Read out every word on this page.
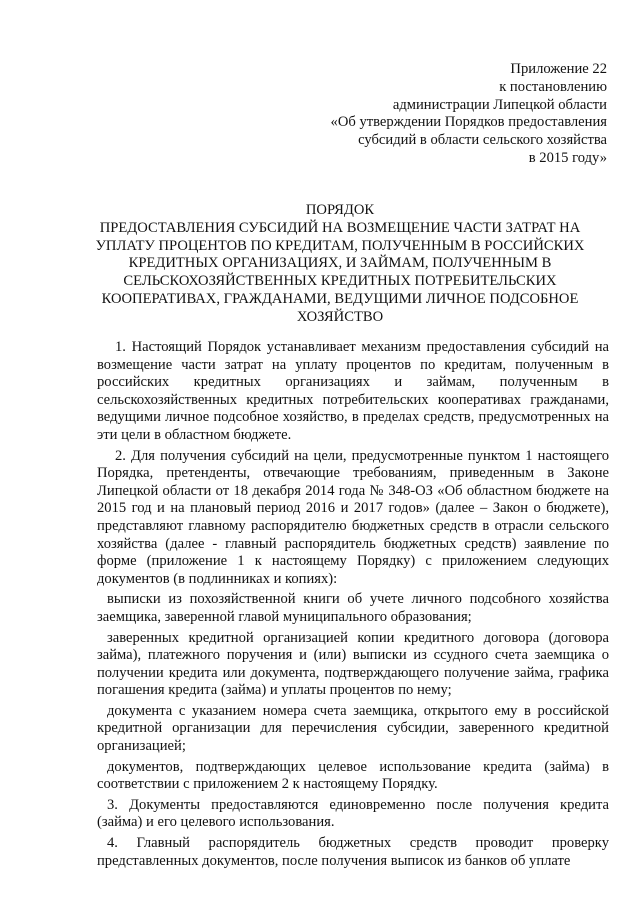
Приложение 22
к постановлению
администрации Липецкой области
«Об утверждении Порядков предоставления
субсидий в области сельского хозяйства
в 2015 году»
ПОРЯДОК
ПРЕДОСТАВЛЕНИЯ СУБСИДИЙ НА ВОЗМЕЩЕНИЕ ЧАСТИ ЗАТРАТ НА
УПЛАТУ ПРОЦЕНТОВ ПО КРЕДИТАМ, ПОЛУЧЕННЫМ В РОССИЙСКИХ
КРЕДИТНЫХ ОРГАНИЗАЦИЯХ, И ЗАЙМАМ, ПОЛУЧЕННЫМ В
СЕЛЬСКОХОЗЯЙСТВЕННЫХ КРЕДИТНЫХ ПОТРЕБИТЕЛЬСКИХ
КООПЕРАТИВАХ, ГРАЖДАНАМИ, ВЕДУЩИМИ ЛИЧНОЕ ПОДСОБНОЕ
ХОЗЯЙСТВО

1. Настоящий Порядок устанавливает механизм предоставления субсидий на возмещение части затрат на уплату процентов по кредитам, полученным в российских кредитных организациях и займам, полученным в сельскохозяйственных кредитных потребительских кооперативах гражданами, ведущими личное подсобное хозяйство, в пределах средств, предусмотренных на эти цели в областном бюджете.

2. Для получения субсидий на цели, предусмотренные пунктом 1 настоящего Порядка, претенденты, отвечающие требованиям, приведенным в Законе Липецкой области от 18 декабря 2014 года № 348-ОЗ «Об областном бюджете на 2015 год и на плановый период 2016 и 2017 годов» (далее – Закон о бюджете), представляют главному распорядителю бюджетных средств в отрасли сельского хозяйства (далее - главный распорядитель бюджетных средств) заявление по форме (приложение 1 к настоящему Порядку) с приложением следующих документов (в подлинниках и копиях):

выписки из похозяйственной книги об учете личного подсобного хозяйства заемщика, заверенной главой муниципального образования;

заверенных кредитной организацией копии кредитного договора (договора займа), платежного поручения и (или) выписки из ссудного счета заемщика о получении кредита или документа, подтверждающего получение займа, графика погашения кредита (займа) и уплаты процентов по нему;

документа с указанием номера счета заемщика, открытого ему в российской кредитной организации для перечисления субсидии, заверенного кредитной организацией;

документов, подтверждающих целевое использование кредита (займа) в соответствии с приложением 2 к настоящему Порядку.

3. Документы предоставляются единовременно после получения кредита (займа) и его целевого использования.

4. Главный распорядитель бюджетных средств проводит проверку представленных документов, после получения выписок из банков об уплате
